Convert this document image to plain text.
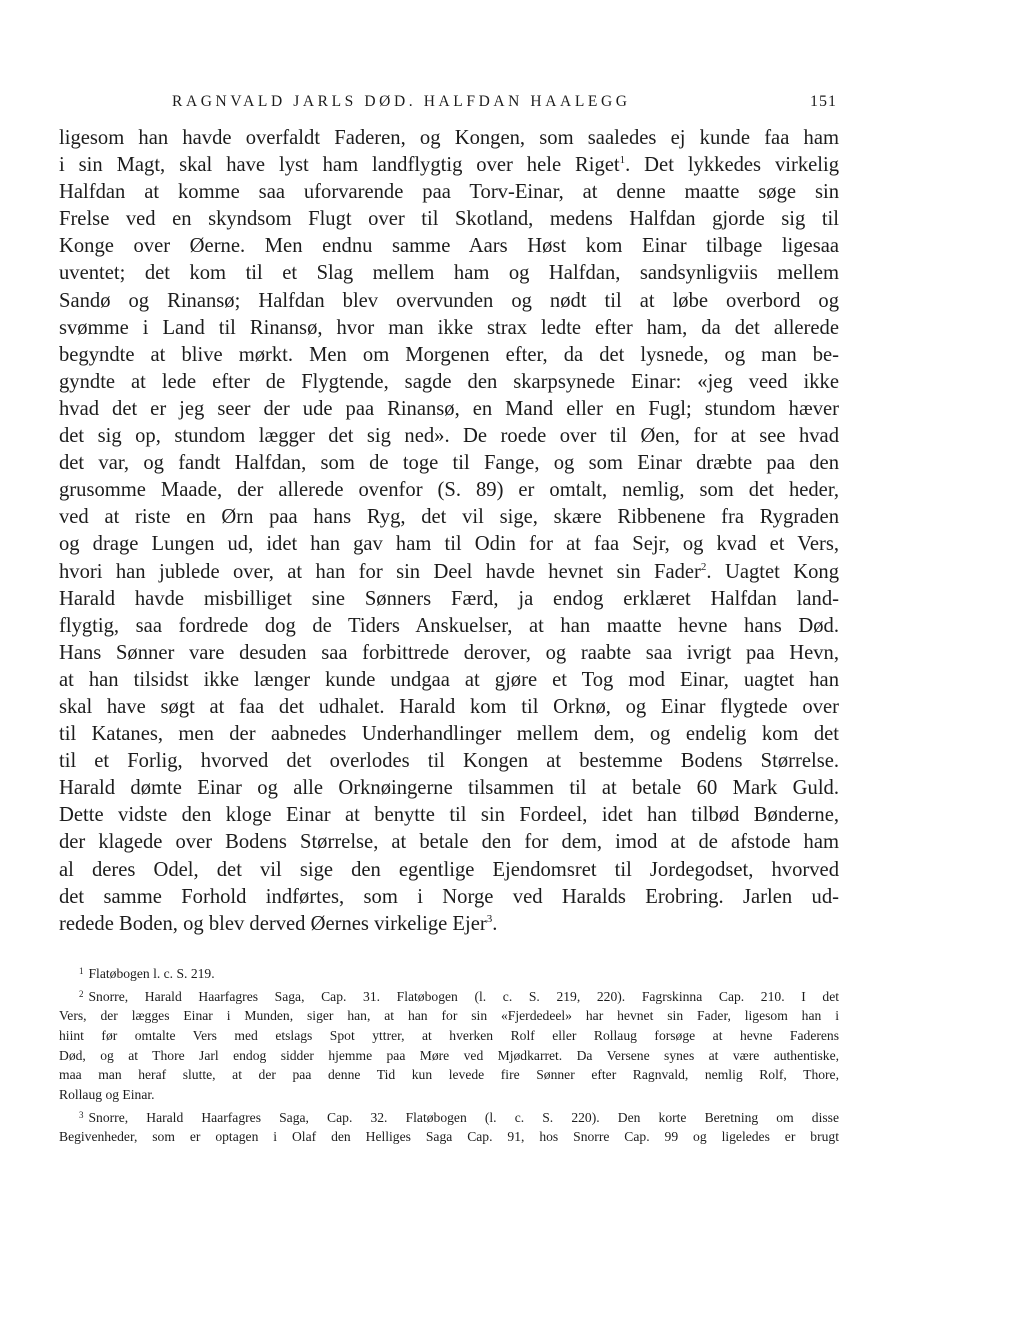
RAGNVALD JARLS DØD. HALFDAN HAALEGG	151
ligesom han havde overfaldt Faderen, og Kongen, som saaledes ej kunde faa ham
i sin Magt, skal have lyst ham landflygtig over hele Riget$^1$. Det lykkedes virkelig
Halfdan at komme saa uforvarende paa Torv-Einar, at denne maatte søge sin
Frelse ved en skyndsom Flugt over til Skotland, medens Halfdan gjorde sig til
Konge over Øerne. Men endnu samme Aars Høst kom Einar tilbage ligesaa
uventet; det kom til et Slag mellem ham og Halfdan, sandsynligviis mellem
Sandø og Rinansø; Halfdan blev overvunden og nødt til at løbe overbord og
svømme i Land til Rinansø, hvor man ikke strax ledte efter ham, da det allerede
begyndte at blive mørkt. Men om Morgenen efter, da det lysnede, og man be-
gyndte at lede efter de Flygtende, sagde den skarpsynede Einar: «jeg veed ikke
hvad det er jeg seer der ude paa Rinansø, en Mand eller en Fugl; stundom hæver
det sig op, stundom lægger det sig ned». De roede over til Øen, for at see hvad
det var, og fandt Halfdan, som de toge til Fange, og som Einar dræbte paa den
grusomme Maade, der allerede ovenfor (S. 89) er omtalt, nemlig, som det heder,
ved at riste en Ørn paa hans Ryg, det vil sige, skære Ribbenene fra Rygraden
og drage Lungen ud, idet han gav ham til Odin for at faa Sejr, og kvad et Vers,
hvori han jublede over, at han for sin Deel havde hevnet sin Fader$^2$. Uagtet Kong
Harald havde misbilliget sine Sønners Færd, ja endog erklæret Halfdan land-
flygtig, saa fordrede dog de Tiders Anskuelser, at han maatte hevne hans Død.
Hans Sønner vare desuden saa forbittrede derover, og raabte saa ivrigt paa Hevn,
at han tilsidst ikke længer kunde undgaa at gjøre et Tog mod Einar, uagtet han
skal have søgt at faa det udhalet. Harald kom til Orknø, og Einar flygtede over
til Katanes, men der aabnedes Underhandlinger mellem dem, og endelig kom det
til et Forlig, hvorved det overlodes til Kongen at bestemme Bodens Størrelse.
Harald dømte Einar og alle Orknøingerne tilsammen til at betale 60 Mark Guld.
Dette vidste den kloge Einar at benytte til sin Fordeel, idet han tilbød Bønderne,
der klagede over Bodens Størrelse, at betale den for dem, imod at de afstode ham
al deres Odel, det vil sige den egentlige Ejendomsret til Jordegodset, hvorved
det samme Forhold indførtes, som i Norge ved Haralds Erobring. Jarlen ud-
redede Boden, og blev derved Øernes virkelige Ejer$^3$.
$^1$ Flatøbogen l. c. S. 219.
$^2$ Snorre, Harald Haarfagres Saga, Cap. 31. Flatøbogen (l. c. S. 219, 220). Fagrskinna Cap. 210. I det
Vers, der lægges Einar i Munden, siger han, at han for sin «Fjerdedeel» har hevnet sin Fader, ligesom han i
hiint før omtalte Vers med etslags Spot yttrer, at hverken Rolf eller Rollaug forsøge at hevne Faderens
Død, og at Thore Jarl endog sidder hjemme paa Møre ved Mjødkarret. Da Versene synes at være authentiske,
maa man heraf slutte, at der paa denne Tid kun levede fire Sønner efter Ragnvald, nemlig Rolf, Thore,
Rollaug og Einar.
$^3$ Snorre, Harald Haarfagres Saga, Cap. 32. Flatøbogen (l. c. S. 220). Den korte Beretning om disse
Begivenheder, som er optagen i Olaf den Helliges Saga Cap. 91, hos Snorre Cap. 99 og ligeledes er brugt
